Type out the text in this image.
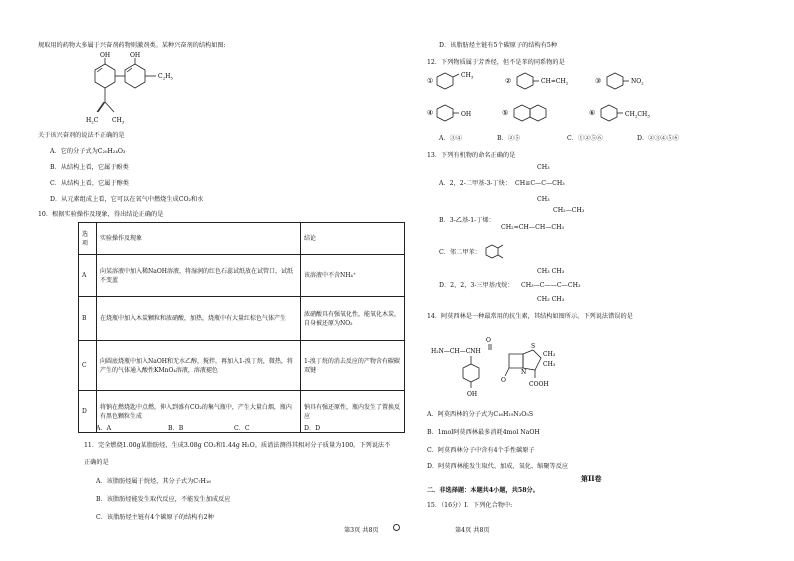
规取用的药物大多属于兴奋剂药物则激剂类。某种兴奋剂的结构如图:
OH	OH
$C_2H_5$
$H_2C$ $CH_3$
关于该兴奋剂的说法不正确的是
A．它的分子式为C₂₀H₂₄O₃
B．从结构上看，它属于酚类
C．从结构上看，它属于醇类
D．从元素组成上看，它可以在氧气中燃烧生成CO₂和水
10．根据实验操作及现象，得出结论正确的是
选项	实验操作及现象	结论
A	向某溶液中加入稀NaOH溶液，将湿润的红色石蕊试纸放在试管口，试纸不变蓝	该溶液中不含NH₄⁺
B	在烧瓶中加入木炭颗粒和浓硝酸，加热，烧瓶中有大量红棕色气体产生	浓硝酸具有强氧化性，能氧化木炭，自身被还原为NO₂
C	向圆底烧瓶中加入NaOH和无水乙醇，搅拌，再加入1-溴丁烷，微热，将产生的气体通入酸性KMnO₄溶液，溶液褪色	1-溴丁烷的消去反应的产物含有碳碳双键
D	将钠在燃烧匙中点燃，伸入到盛有CO₂的集气瓶中，产生大量白烟，瓶内有黑色颗粒生成	钠具有强还原性，瓶内发生了置换反应
A．A	B．B	C．C	D．D
11．完全燃烧1.00g某脂肪烃，生成3.08g CO₂和1.44g H₂O。质谱法测得其相对分子质量为100。下列说法不
正确的是
A．该脂肪烃属于烷烃，其分子式为C₇H₁₆
B．该脂肪烃能发生取代反应，不能发生加成反应
C．该脂肪烃主链有4个碳原子的结构有2种
第3页 共8页
D．该脂肪烃主链有5个碳原子的结构有5种
12．下列物质属于芳香烃，但不是苯的同系物的是
①
$CH_3$	②	$CH=CH_2$	③	$NO_2$
④	OH	⑤	⑥	$CH_2CH_3$
A．③④	B．②⑤	C．①②⑤⑥	D．②③④⑤⑥
13．下列有机物的命名正确的是
A．2，2-二甲基-3-丁炔：
CH₃
CH≡C—C—CH₃
CH₃
B．3-乙基-1-丁烯：
CH₂—CH₃
CH₂=CH—CH—CH₃
C．邻二甲苯：
D．2，2，3-三甲基戊烷：
CH₃ CH₃
CH₃—C——C—CH₃
CH₃ CH₃
14．阿莫西林是一种最常用的抗生素，其结构如图所示。下列说法错误的是
H₂N—CH—CNH
O
S
CH₃
CH₃
N
O
COOH
OH
A．阿莫西林的分子式为C₁₆H₁₉N₃O₅S
B．1mol阿莫西林最多消耗4mol NaOH
C．阿莫西林分子中含有4个手性碳原子
D．阿莫西林能发生取代、加成、氧化、缩聚等反应
第II卷
二．非选择题：本题共4小题，共58分。
15．（16分）Ⅰ．下列化合物中:
第4页 共8页
